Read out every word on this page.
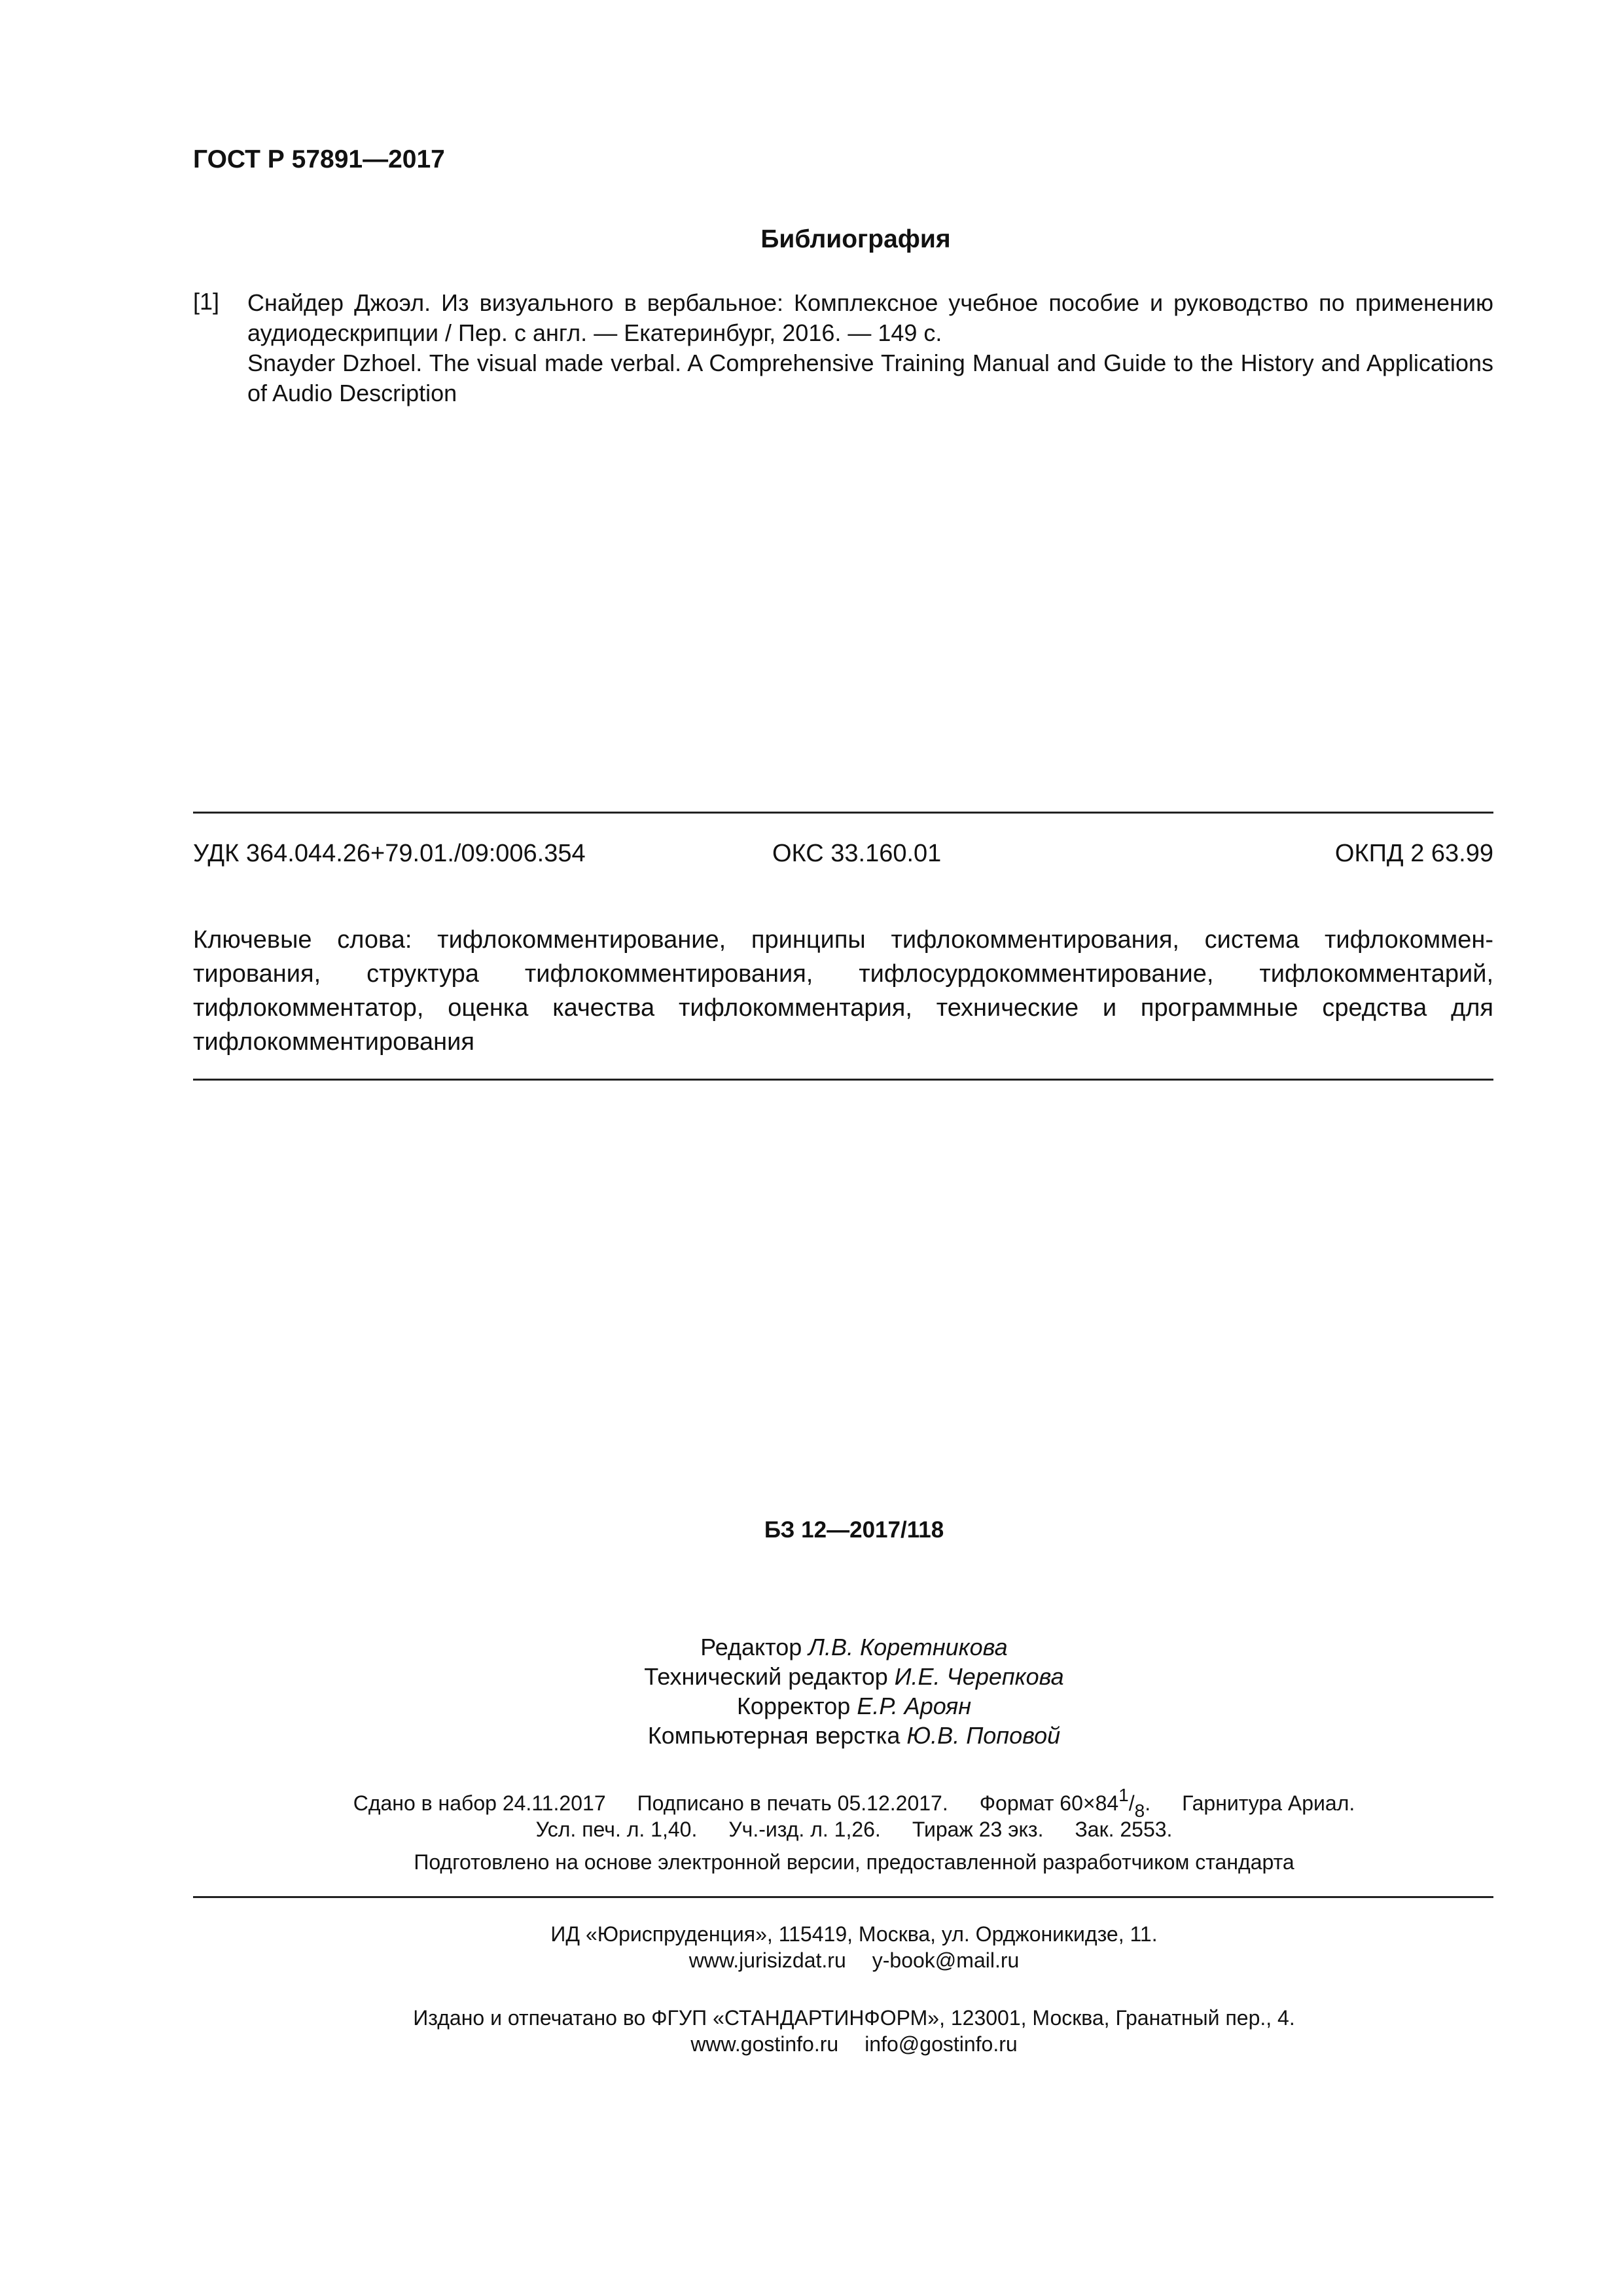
ГОСТ Р 57891—2017
Библиография
[1] Снайдер Джоэл. Из визуального в вербальное: Комплексное учебное пособие и руководство по применению
аудиодескрипции / Пер. с англ. — Екатеринбург, 2016. — 149 с.
Snayder Dzhoel. The visual made verbal. A Comprehensive Training Manual and Guide to the History and Applications
of Audio Description
УДК 364.044.26+79.01./09:006.354	ОКС 33.160.01	ОКПД 2 63.99
Ключевые слова: тифлокомментирование, принципы тифлокомментирования, система тифлокоммен-
тирования, структура тифлокомментирования, тифлосурдокомментирование, тифлокомментарий,
тифлокомментатор, оценка качества тифлокомментария, технические и программные средства для
тифлокомментирования
БЗ 12—2017/118
Редактор Л.В. Коретникова
Технический редактор И.Е. Черепкова
Корректор Е.Р. Ароян
Компьютерная верстка Ю.В. Поповой
Сдано в набор 24.11.2017 Подписано в печать 05.12.2017. Формат $60\times 84^1/_8$. Гарнитура Ариал.
Усл. печ. л. 1,40. Уч.-изд. л. 1,26. Тираж 23 экз. Зак. 2553.
Подготовлено на основе электронной версии, предоставленной разработчиком стандарта
ИД «Юриспруденция», 115419, Москва, ул. Орджоникидзе, 11.
www.jurisizdat.ru y-book@mail.ru
Издано и отпечатано во ФГУП «СТАНДАРТИНФОРМ», 123001, Москва, Гранатный пер., 4.
www.gostinfo.ru info@gostinfo.ru
